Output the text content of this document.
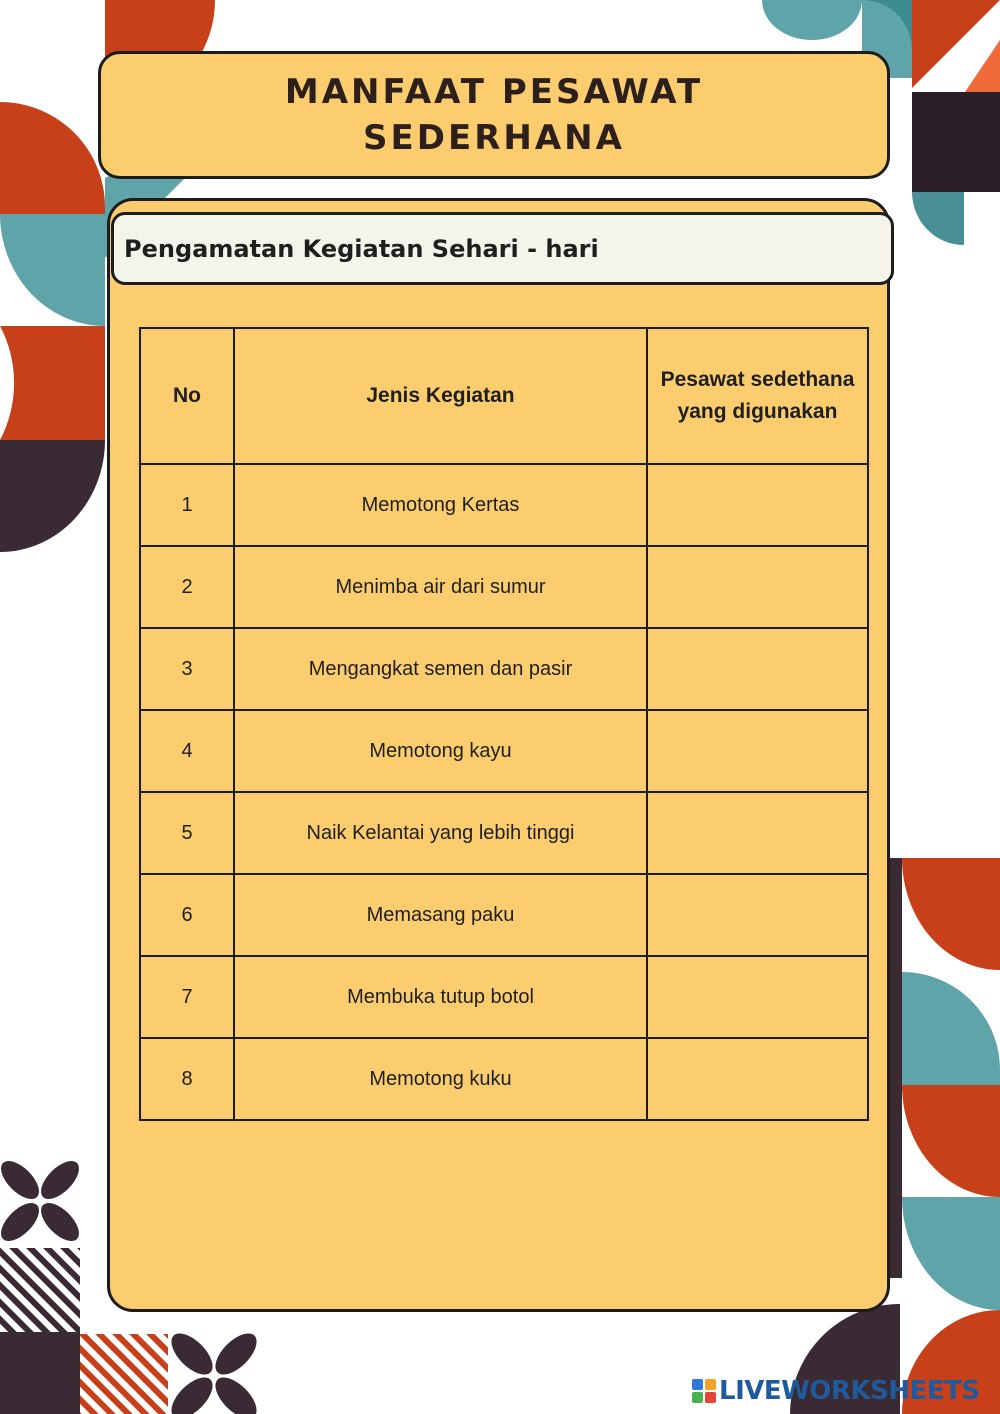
MANFAAT PESAWAT
SEDERHANA
Pengamatan Kegiatan Sehari - hari
No	Jenis Kegiatan	Pesawat sedethana yang digunakan
1	Memotong Kertas	
2	Menimba air dari sumur	
3	Mengangkat semen dan pasir	
4	Memotong kayu	
5	Naik Kelantai yang lebih tinggi	
6	Memasang paku	
7	Membuka tutup botol	
8	Memotong kuku	
LIVEWORKSHEETS
